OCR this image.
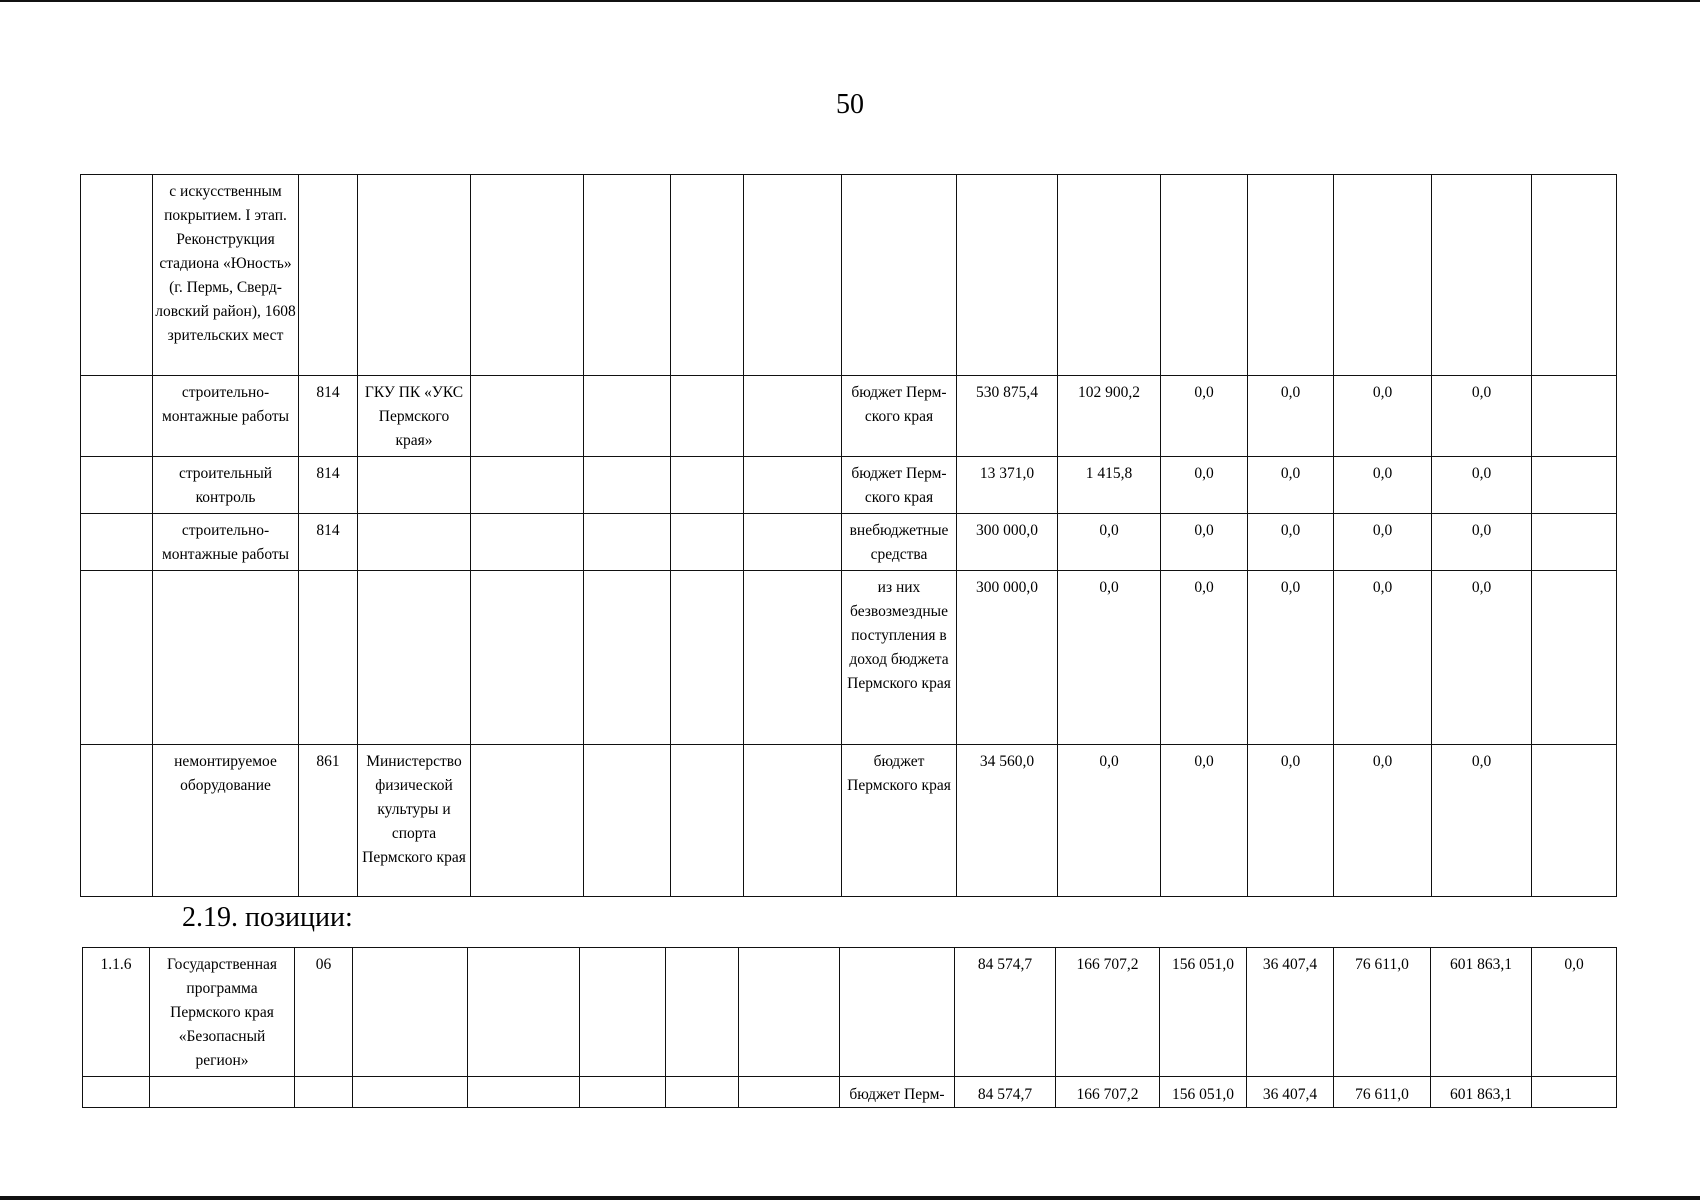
50
	с искусственным покрытием. I этап. Реконструкция стадиона «Юность» (г. Пермь, Сверд-ловский район), 1608 зрительских мест														
	строительно-монтажные работы	814	ГКУ ПК «УКС Пермского края»					бюджет Перм-ского края	530 875,4	102 900,2	0,0	0,0	0,0	0,0	
	строительный контроль	814						бюджет Перм-ского края	13 371,0	1 415,8	0,0	0,0	0,0	0,0	
	строительно-монтажные работы	814						внебюджетные средства	300 000,0	0,0	0,0	0,0	0,0	0,0	
								из них безвозмездные поступления в доход бюджета Пермского края	300 000,0	0,0	0,0	0,0	0,0	0,0	
	немонтируемое оборудование	861	Министерство физической культуры и спорта Пермского края					бюджет Пермского края	34 560,0	0,0	0,0	0,0	0,0	0,0	
2.19. позиции:
1.1.6	Государственная программа Пермского края «Безопасный регион»	06							84 574,7	166 707,2	156 051,0	36 407,4	76 611,0	601 863,1	0,0
								бюджет Перм-	84 574,7	166 707,2	156 051,0	36 407,4	76 611,0	601 863,1	
